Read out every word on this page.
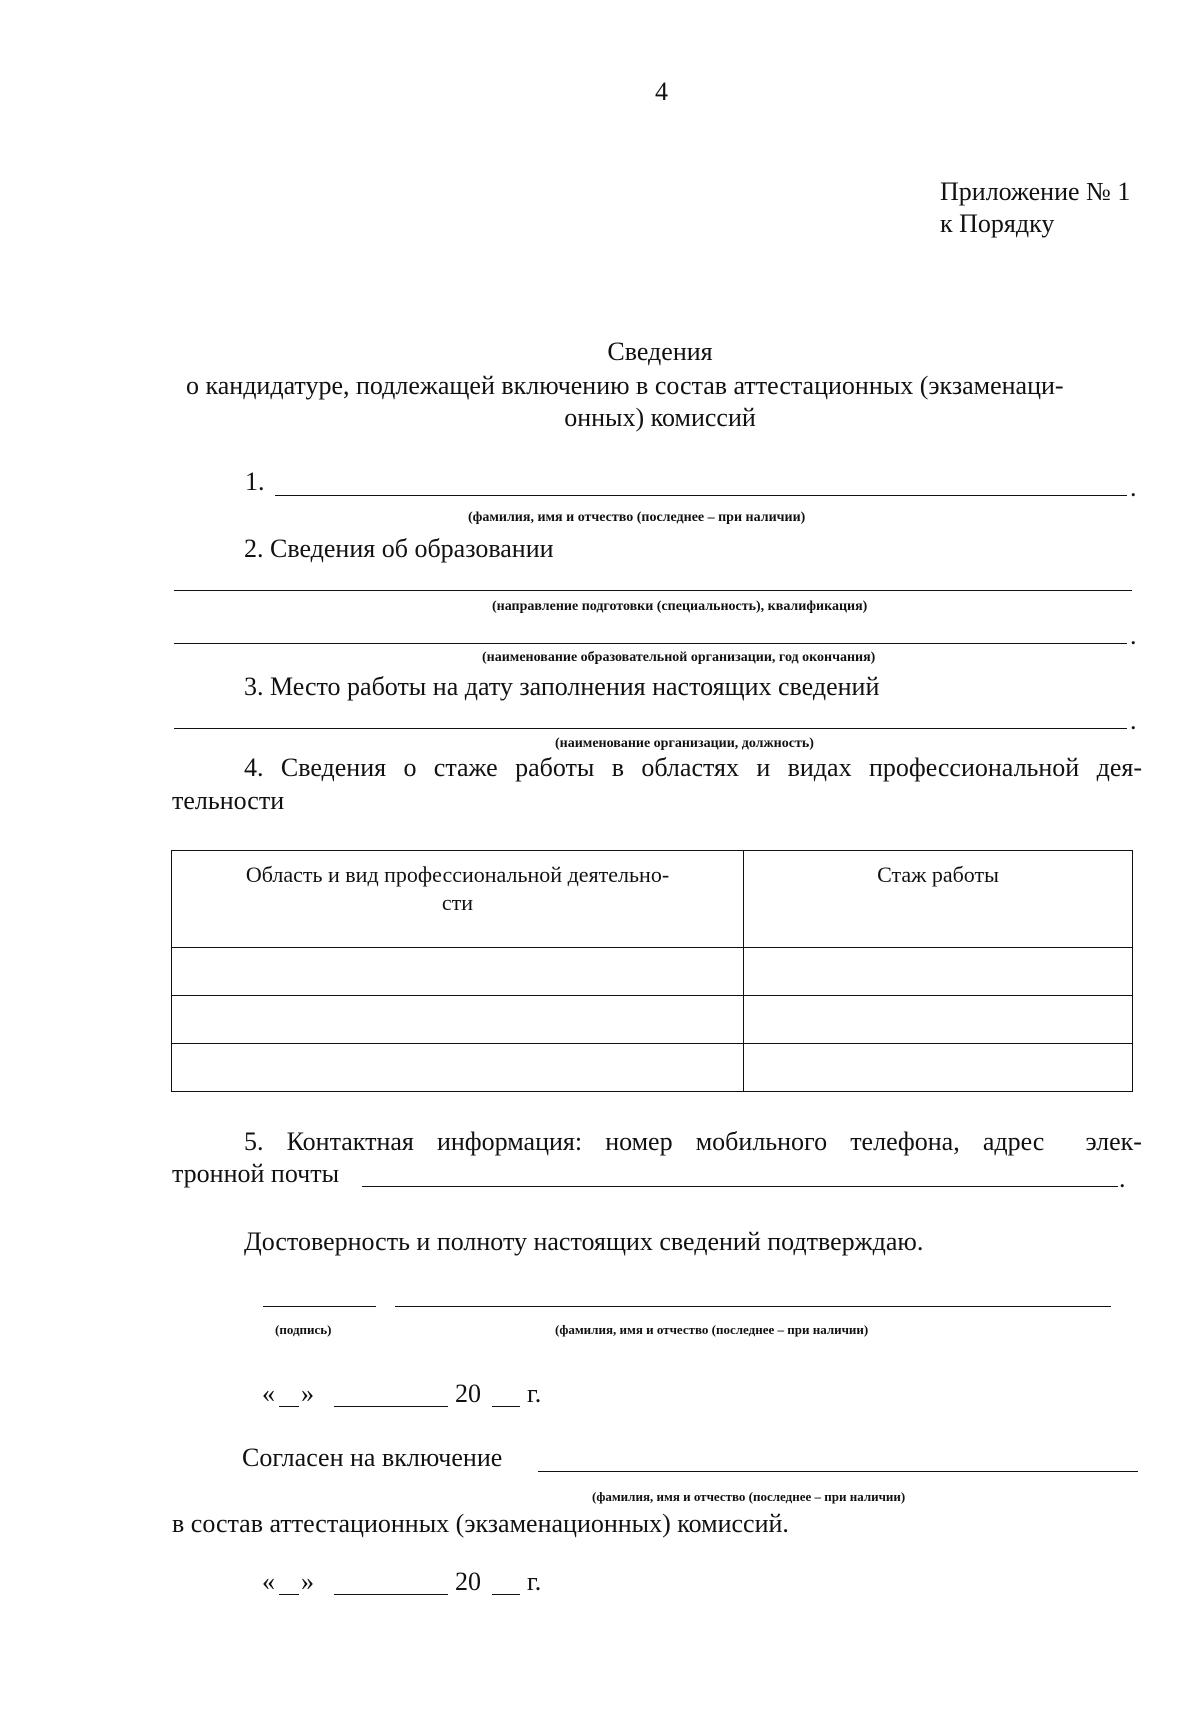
4
Приложение № 1
к Порядку
Сведения
о кандидатуре, подлежащей включению в состав аттестационных (экзаменаци-
онных) комиссий
1.	.
(фамилия, имя и отчество (последнее – при наличии)
2. Сведения об образовании
(направление подготовки (специальность), квалификация)
.
(наименование образовательной организации, год окончания)
3. Место работы на дату заполнения настоящих сведений
.
(наименование организации, должность)
4. Сведения о стаже работы в областях и видах профессиональной дея-
тельности
Область и вид профессиональной деятельно-
сти	Стаж работы

5. Контактная информация: номер мобильного телефона, адрес элек-
тронной почты	.
Достоверность и полноту настоящих сведений подтверждаю.
(подпись)	(фамилия, имя и отчество (последнее – при наличии)
« »	20 г.
Согласен на включение
(фамилия, имя и отчество (последнее – при наличии)
в состав аттестационных (экзаменационных) комиссий.
« »	20 г.
